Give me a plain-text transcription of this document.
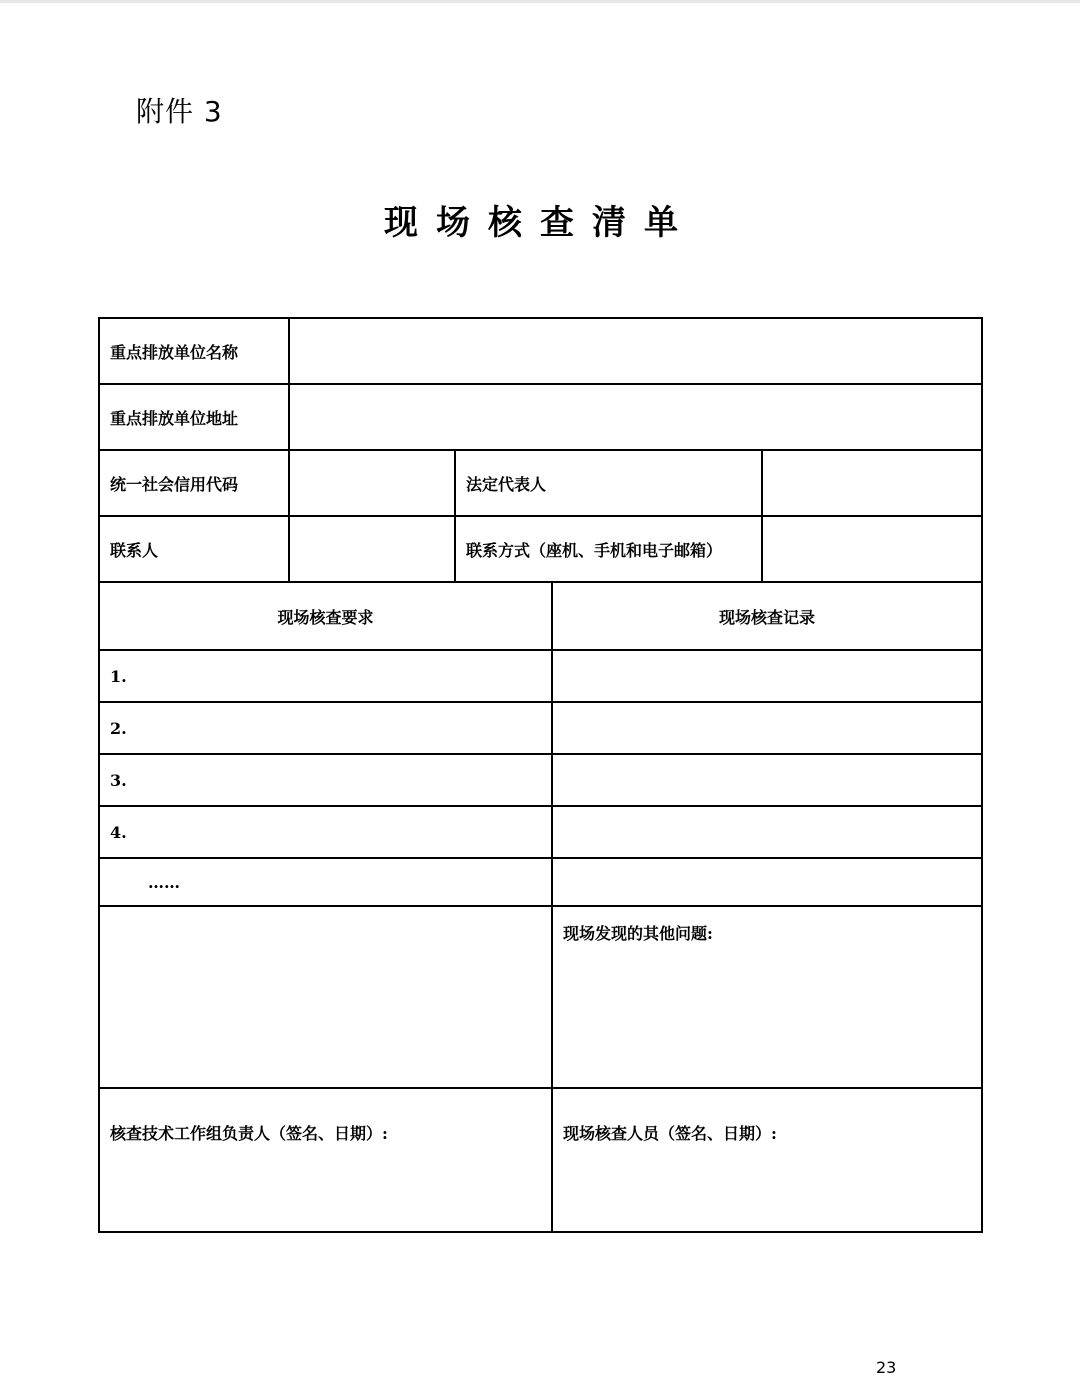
附件 3
现场核查清单
重点排放单位名称				
重点排放单位地址				
统一社会信用代码		法定代表人		
联系人		联系方式（座机、手机和电子邮箱）		
现场核查要求			现场核查记录	
1.				
2.				
3.				
4.				
……				
			现场发现的其他问题:	
核查技术工作组负责人（签名、日期）:			现场核查人员（签名、日期）:	
23
